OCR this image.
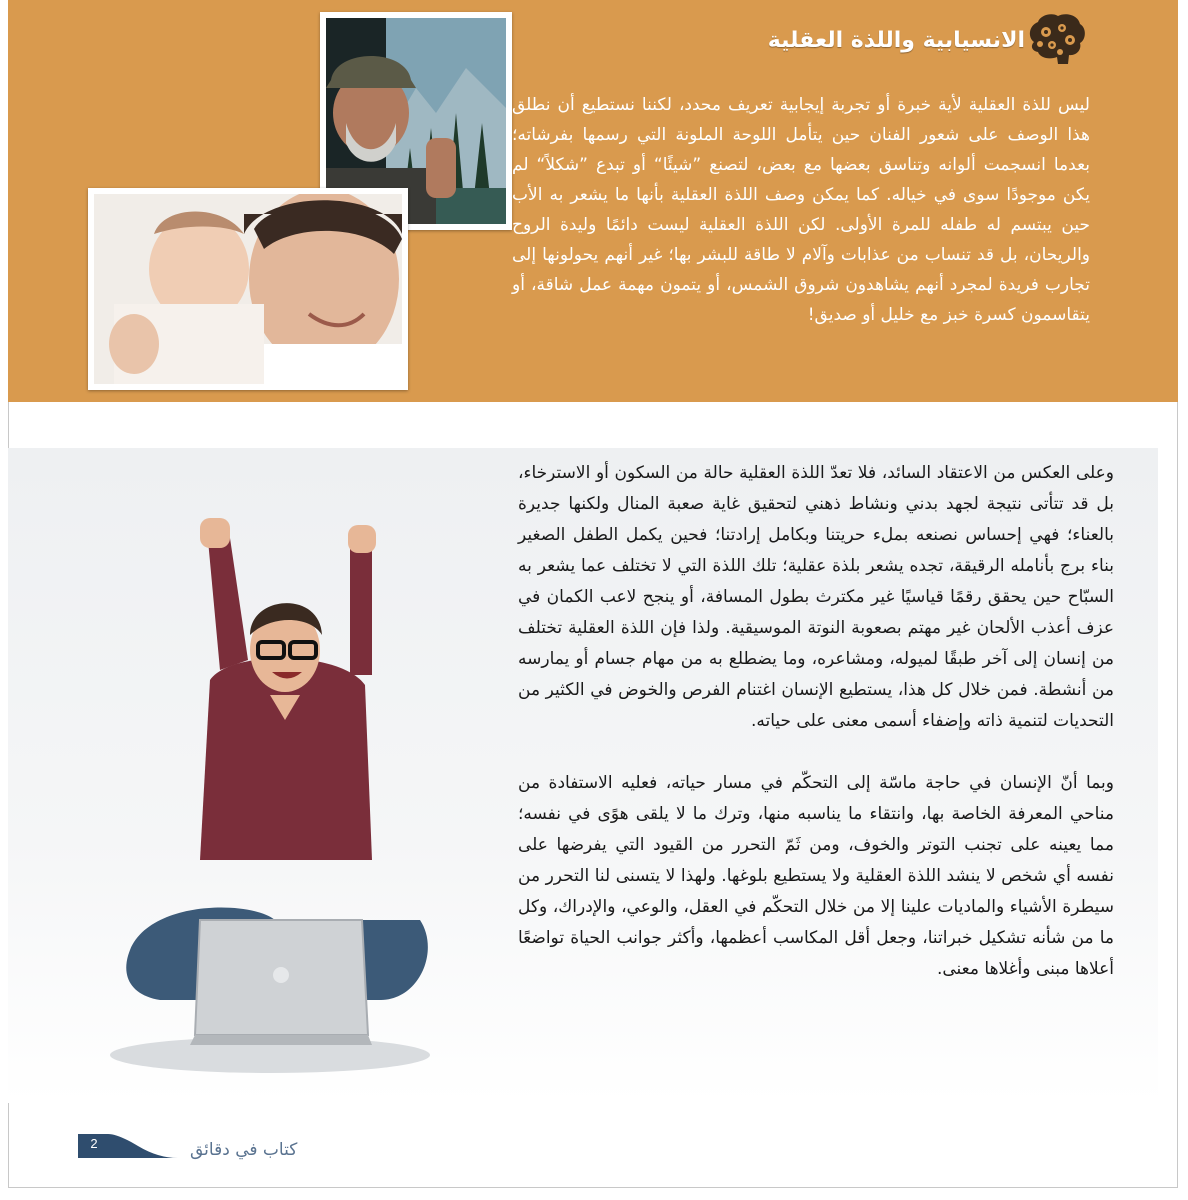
الانسيابية واللذة العقلية

ليس للذة العقلية لأية خبرة أو تجربة إيجابية تعريف محدد، لكننا نستطيع أن نطلق هذا الوصف على شعور الفنان حين يتأمل اللوحة الملونة التي رسمها بفرشاته؛ بعدما انسجمت ألوانه وتناسق بعضها مع بعض، لتصنع ”شيئًا“ أو تبدع ”شكلاً“ لم يكن موجودًا سوى في خياله. كما يمكن وصف اللذة العقلية بأنها ما يشعر به الأب حين يبتسم له طفله للمرة الأولى. لكن اللذة العقلية ليست دائمًا وليدة الروح والريحان، بل قد تنساب من عذابات وآلام لا طاقة للبشر بها؛ غير أنهم يحولونها إلى تجارب فريدة لمجرد أنهم يشاهدون شروق الشمس، أو يتمون مهمة عمل شاقة، أو يتقاسمون كسرة خبز مع خليل أو صديق!

وعلى العكس من الاعتقاد السائد، فلا تعدّ اللذة العقلية حالة من السكون أو الاسترخاء، بل قد تتأتى نتيجة لجهد بدني ونشاط ذهني لتحقيق غاية صعبة المنال ولكنها جديرة بالعناء؛ فهي إحساس نصنعه بملء حريتنا وبكامل إرادتنا؛ فحين يكمل الطفل الصغير بناء برج بأنامله الرقيقة، تجده يشعر بلذة عقلية؛ تلك اللذة التي لا تختلف عما يشعر به السبّاح حين يحقق رقمًا قياسيًا غير مكترث بطول المسافة، أو ينجح لاعب الكمان في عزف أعذب الألحان غير مهتم بصعوبة النوتة الموسيقية. ولذا فإن اللذة العقلية تختلف من إنسان إلى آخر طبقًا لميوله، ومشاعره، وما يضطلع به من مهام جسام أو يمارسه من أنشطة. فمن خلال كل هذا، يستطيع الإنسان اغتنام الفرص والخوض في الكثير من التحديات لتنمية ذاته وإضفاء أسمى معنى على حياته.

وبما أنّ الإنسان في حاجة ماسّة إلى التحكّم في مسار حياته، فعليه الاستفادة من مناحي المعرفة الخاصة بها، وانتقاء ما يناسبه منها، وترك ما لا يلقى هوًى في نفسه؛ مما يعينه على تجنب التوتر والخوف، ومن ثَمّ التحرر من القيود التي يفرضها على نفسه أي شخص لا ينشد اللذة العقلية ولا يستطيع بلوغها. ولهذا لا يتسنى لنا التحرر من سيطرة الأشياء والماديات علينا إلا من خلال التحكّم في العقل، والوعي، والإدراك، وكل ما من شأنه تشكيل خبراتنا، وجعل أقل المكاسب أعظمها، وأكثر جوانب الحياة تواضعًا أعلاها مبنى وأغلاها معنى.

2	كتاب في دقائق
